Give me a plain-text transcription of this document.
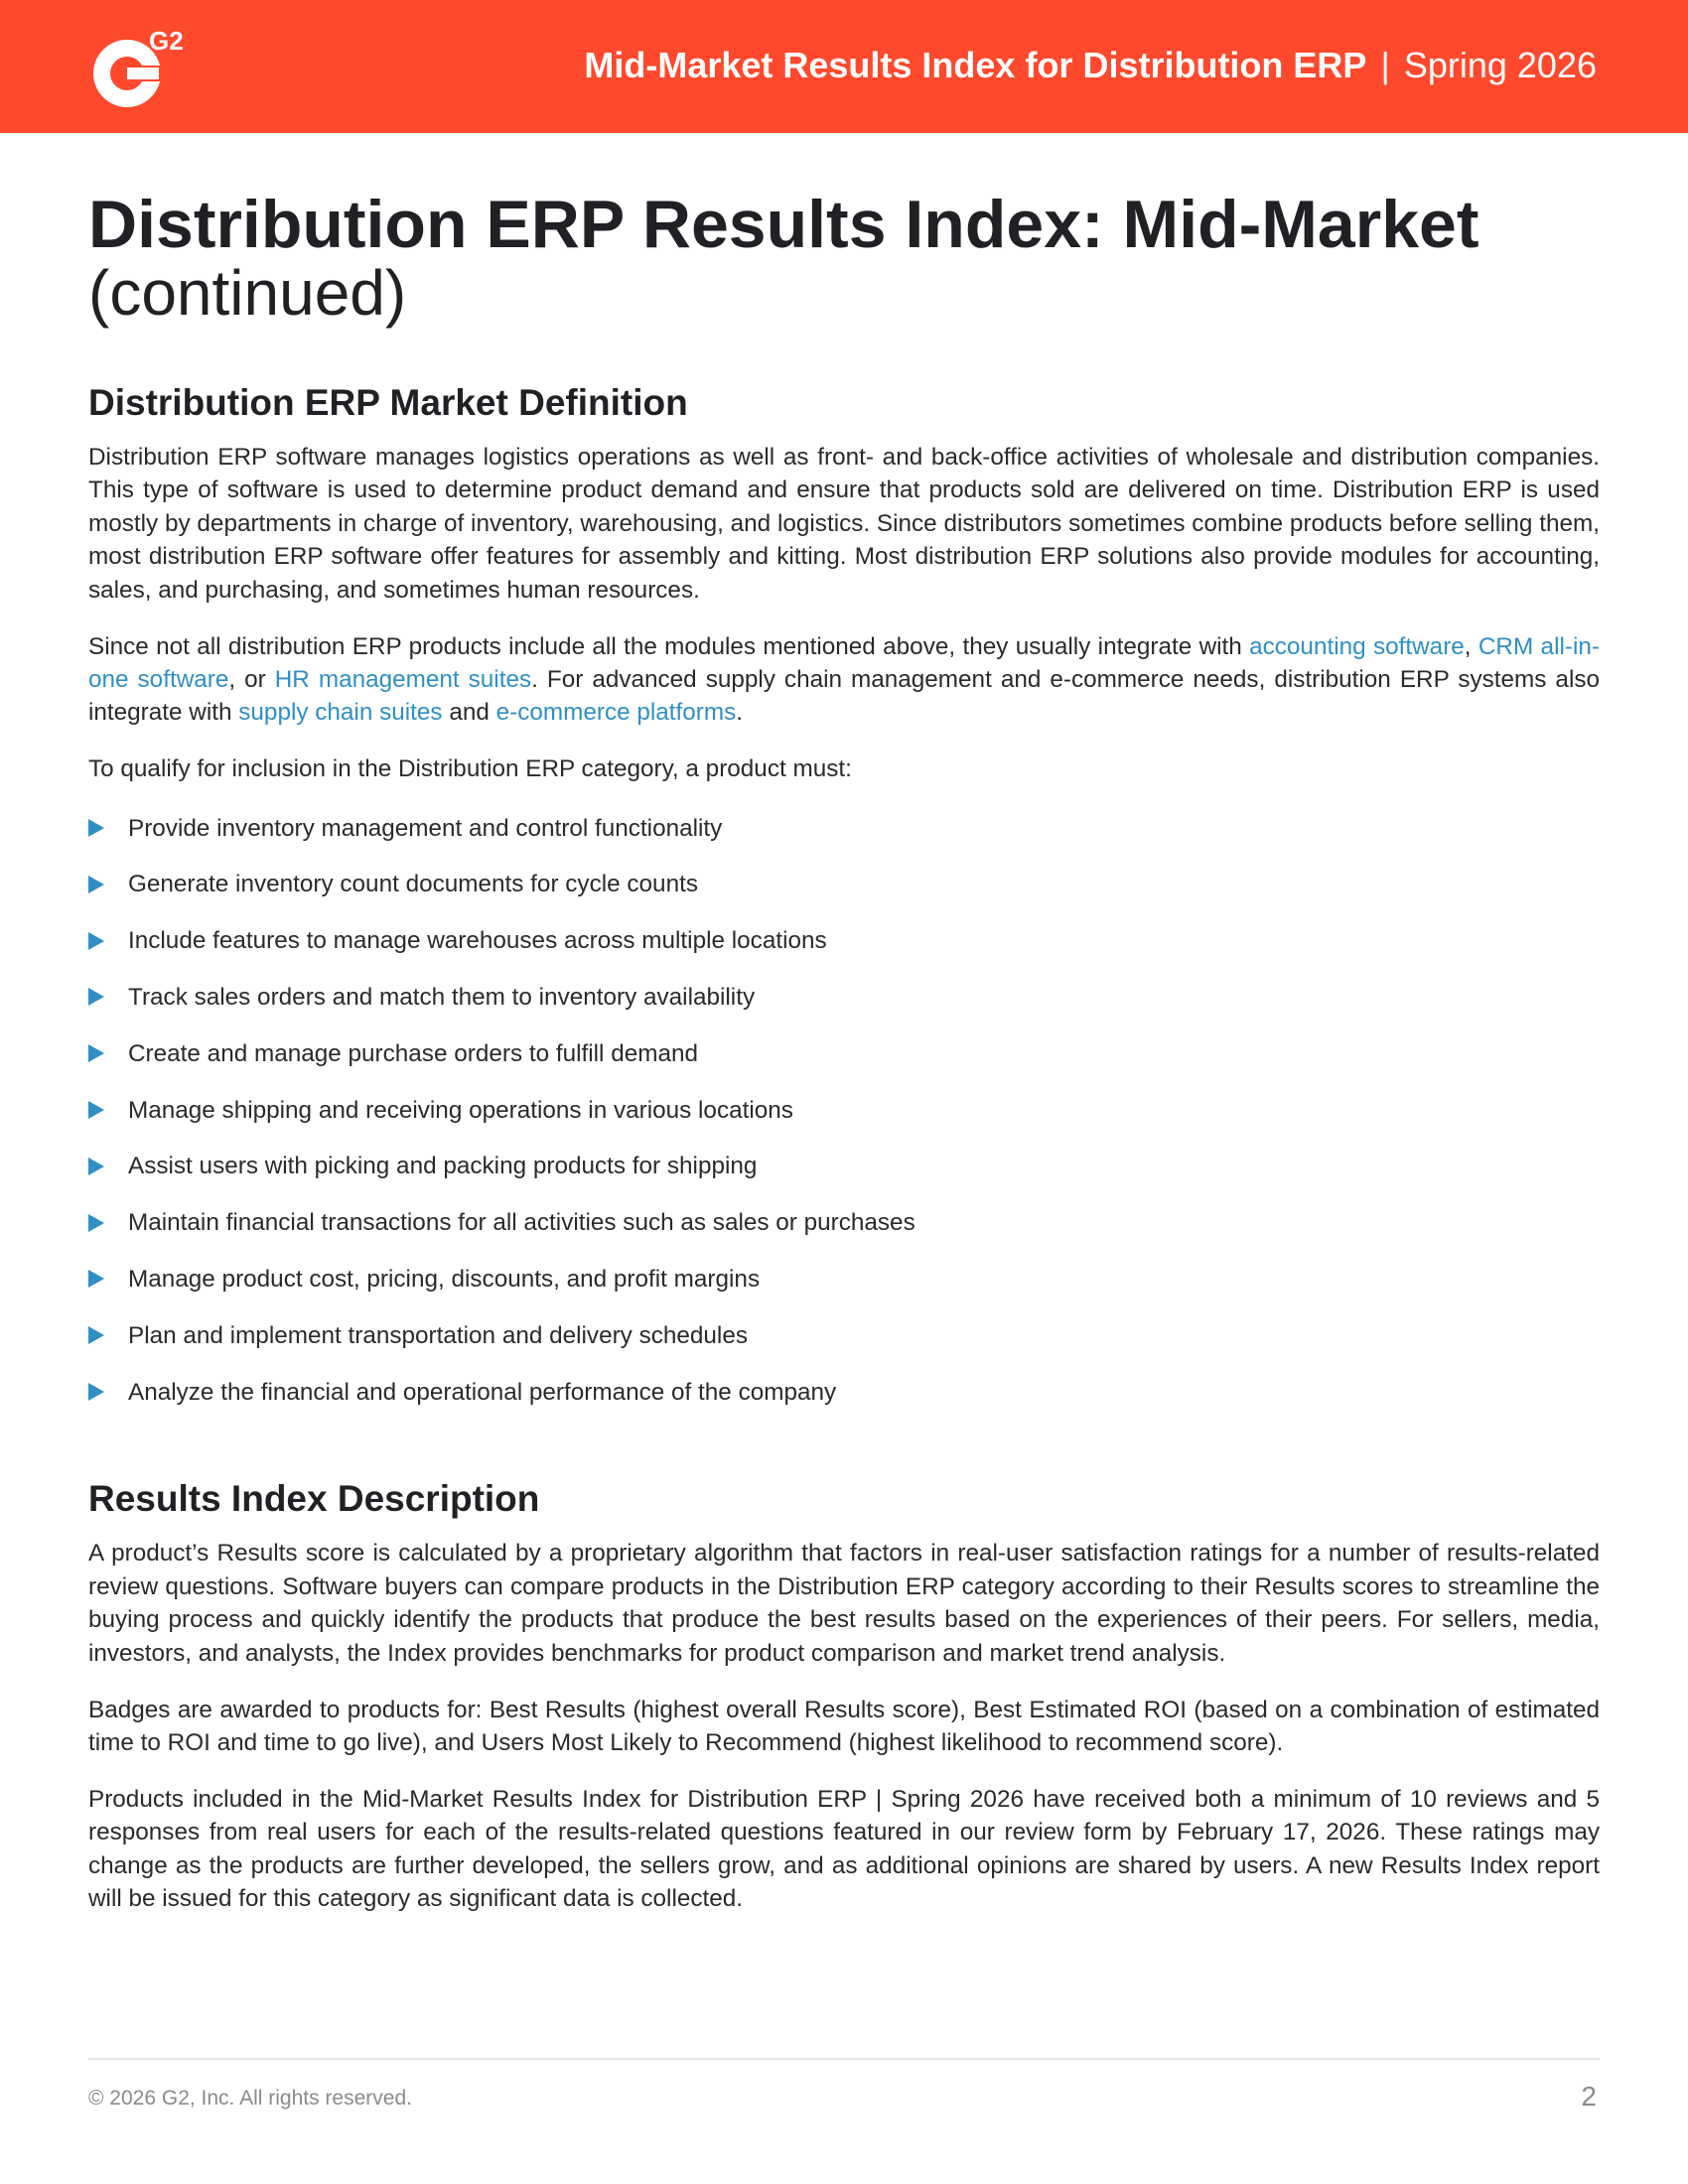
G2
Mid-Market Results Index for Distribution ERP | Spring 2026
Distribution ERP Results Index: Mid-Market
(continued)
Distribution ERP Market Definition

Distribution ERP software manages logistics operations as well as front- and back-office activities of wholesale and distribution companies. This type of software is used to determine product demand and ensure that products sold are delivered on time. Distribution ERP is used mostly by departments in charge of inventory, warehousing, and logistics. Since distributors sometimes combine products before selling them, most distribution ERP software offer features for assembly and kitting. Most distribution ERP solutions also provide modules for accounting, sales, and purchasing, and sometimes human resources.

Since not all distribution ERP products include all the modules mentioned above, they usually integrate with accounting software, CRM all-in-one software, or HR management suites. For advanced supply chain management and e-commerce needs, distribution ERP systems also integrate with supply chain suites and e-commerce platforms.

To qualify for inclusion in the Distribution ERP category, a product must:

Provide inventory management and control functionality
Generate inventory count documents for cycle counts
Include features to manage warehouses across multiple locations
Track sales orders and match them to inventory availability
Create and manage purchase orders to fulfill demand
Manage shipping and receiving operations in various locations
Assist users with picking and packing products for shipping
Maintain financial transactions for all activities such as sales or purchases
Manage product cost, pricing, discounts, and profit margins
Plan and implement transportation and delivery schedules
Analyze the financial and operational performance of the company
Results Index Description

A product’s Results score is calculated by a proprietary algorithm that factors in real-user satisfaction ratings for a number of results-related review questions. Software buyers can compare products in the Distribution ERP category according to their Results scores to streamline the buying process and quickly identify the products that produce the best results based on the experiences of their peers. For sellers, media, investors, and analysts, the Index provides benchmarks for product comparison and market trend analysis.

Badges are awarded to products for: Best Results (highest overall Results score), Best Estimated ROI (based on a combination of estimated time to ROI and time to go live), and Users Most Likely to Recommend (highest likelihood to recommend score).

Products included in the Mid-Market Results Index for Distribution ERP | Spring 2026 have received both a minimum of 10 reviews and 5 responses from real users for each of the results-related questions featured in our review form by February 17, 2026. These ratings may change as the products are further developed, the sellers grow, and as additional opinions are shared by users. A new Results Index report will be issued for this category as significant data is collected.

© 2026 G2, Inc. All rights reserved.	2
